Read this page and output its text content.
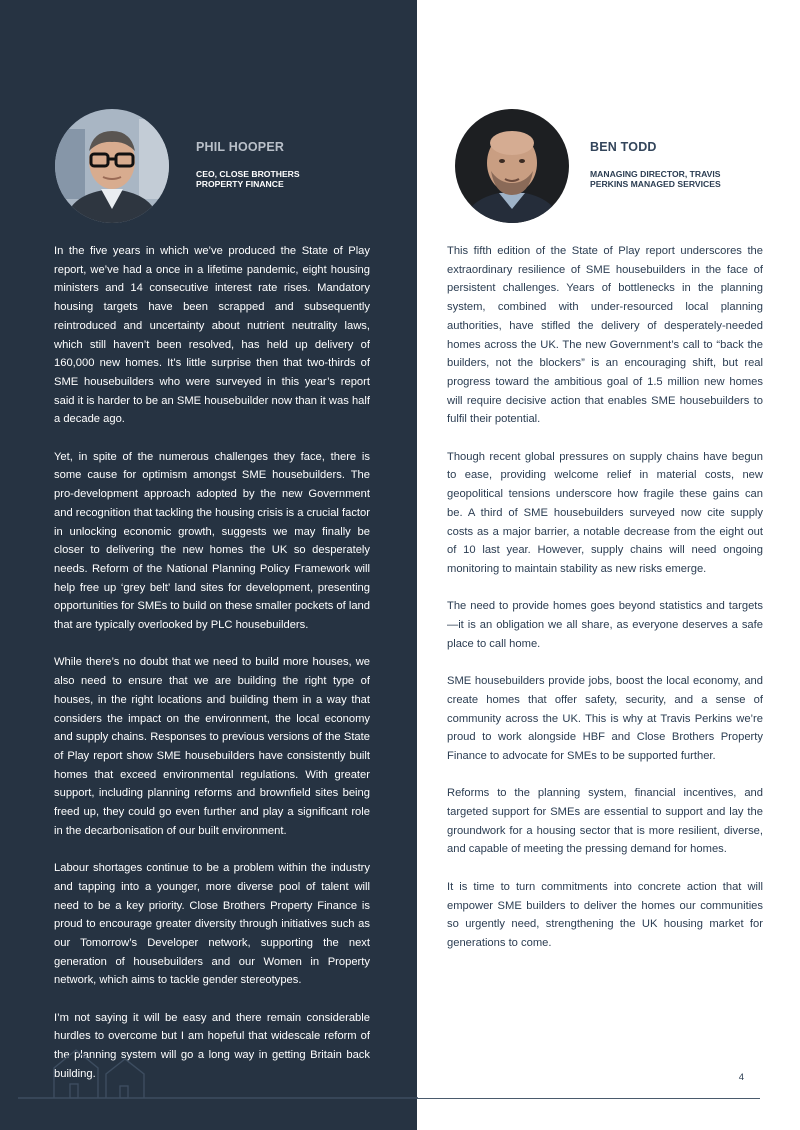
PHIL HOOPER
CEO, CLOSE BROTHERS PROPERTY FINANCE
BEN TODD
MANAGING DIRECTOR, TRAVIS PERKINS MANAGED SERVICES

In the five years in which we’ve produced the State of Play report, we’ve had a once in a lifetime pandemic, eight housing ministers and 14 consecutive interest rate rises. Mandatory housing targets have been scrapped and subsequently reintroduced and uncertainty about nutrient neutrality laws, which still haven’t been resolved, has held up delivery of 160,000 new homes. It’s little surprise then that two-thirds of SME housebuilders who were surveyed in this year’s report said it is harder to be an SME housebuilder now than it was half a decade ago.

Yet, in spite of the numerous challenges they face, there is some cause for optimism amongst SME housebuilders. The pro-development approach adopted by the new Government and recognition that tackling the housing crisis is a crucial factor in unlocking economic growth, suggests we may finally be closer to delivering the new homes the UK so desperately needs. Reform of the National Planning Policy Framework will help free up ‘grey belt’ land sites for development, presenting opportunities for SMEs to build on these smaller pockets of land that are typically overlooked by PLC housebuilders.

While there’s no doubt that we need to build more houses, we also need to ensure that we are building the right type of houses, in the right locations and building them in a way that considers the impact on the environment, the local economy and supply chains. Responses to previous versions of the State of Play report show SME housebuilders have consistently built homes that exceed environmental regulations. With greater support, including planning reforms and brownfield sites being freed up, they could go even further and play a significant role in the decarbonisation of our built environment.

Labour shortages continue to be a problem within the industry and tapping into a younger, more diverse pool of talent will need to be a key priority. Close Brothers Property Finance is proud to encourage greater diversity through initiatives such as our Tomorrow’s Developer network, supporting the next generation of housebuilders and our Women in Property network, which aims to tackle gender stereotypes.

I’m not saying it will be easy and there remain considerable hurdles to overcome but I am hopeful that widescale reform of the planning system will go a long way in getting Britain back building.

This fifth edition of the State of Play report underscores the extraordinary resilience of SME housebuilders in the face of persistent challenges. Years of bottlenecks in the planning system, combined with under-resourced local planning authorities, have stifled the delivery of desperately-needed homes across the UK. The new Government’s call to “back the builders, not the blockers” is an encouraging shift, but real progress toward the ambitious goal of 1.5 million new homes will require decisive action that enables SME housebuilders to fulfil their potential.

Though recent global pressures on supply chains have begun to ease, providing welcome relief in material costs, new geopolitical tensions underscore how fragile these gains can be. A third of SME housebuilders surveyed now cite supply costs as a major barrier, a notable decrease from the eight out of 10 last year. However, supply chains will need ongoing monitoring to maintain stability as new risks emerge.

The need to provide homes goes beyond statistics and targets—it is an obligation we all share, as everyone deserves a safe place to call home.

SME housebuilders provide jobs, boost the local economy, and create homes that offer safety, security, and a sense of community across the UK. This is why at Travis Perkins we’re proud to work alongside HBF and Close Brothers Property Finance to advocate for SMEs to be supported further.

Reforms to the planning system, financial incentives, and targeted support for SMEs are essential to support and lay the groundwork for a housing sector that is more resilient, diverse, and capable of meeting the pressing demand for homes.

It is time to turn commitments into concrete action that will empower SME builders to deliver the homes our communities so urgently need, strengthening the UK housing market for generations to come.

4
